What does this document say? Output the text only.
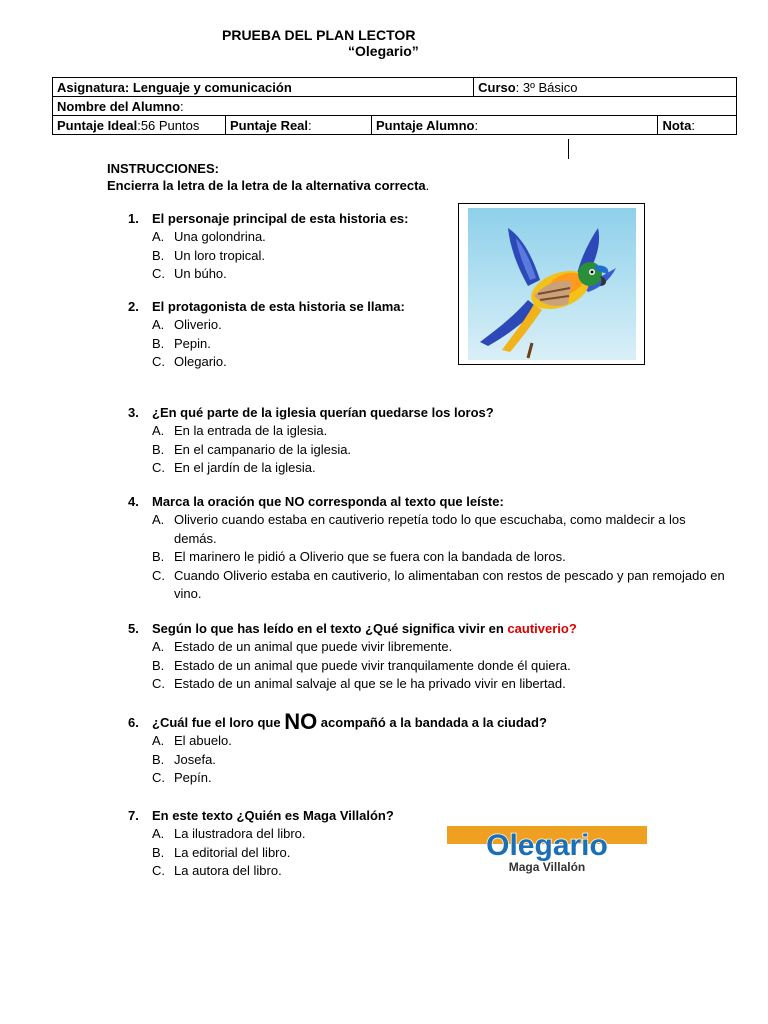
PRUEBA DEL PLAN LECTOR
“Olegario”
Asignatura: Lenguaje y comunicación			Curso: 3º Básico	
Nombre del Alumno:				
Puntaje Ideal:56 Puntos	Puntaje Real:	Puntaje Alumno:		Nota:
INSTRUCCIONES:
Encierra la letra de la letra de la alternativa correcta.
1. El personaje principal de esta historia es:
A. Una golondrina.
B. Un loro tropical.
C. Un búho.
2. El protagonista de esta historia se llama:
A. Oliverio.
B. Pepin.
C. Olegario.
3. ¿En qué parte de la iglesia querían quedarse los loros?
A. En la entrada de la iglesia.
B. En el campanario de la iglesia.
C. En el jardín de la iglesia.
4. Marca la oración que NO corresponda al texto que leíste:
A. Oliverio cuando estaba en cautiverio repetía todo lo que escuchaba, como maldecir a los demás.
B. El marinero le pidió a Oliverio que se fuera con la bandada de loros.
C. Cuando Oliverio estaba en cautiverio, lo alimentaban con restos de pescado y pan remojado en vino.
5. Según lo que has leído en el texto ¿Qué significa vivir en cautiverio?
A. Estado de un animal que puede vivir libremente.
B. Estado de un animal que puede vivir tranquilamente donde él quiera.
C. Estado de un animal salvaje al que se le ha privado vivir en libertad.
6. ¿Cuál fue el loro que NO acompañó a la bandada a la ciudad?
A. El abuelo.
B. Josefa.
C. Pepín.
7. En este texto ¿Quién es Maga Villalón?
A. La ilustradora del libro.
B. La editorial del libro.
C. La autora del libro.
Olegario
Maga Villalón
